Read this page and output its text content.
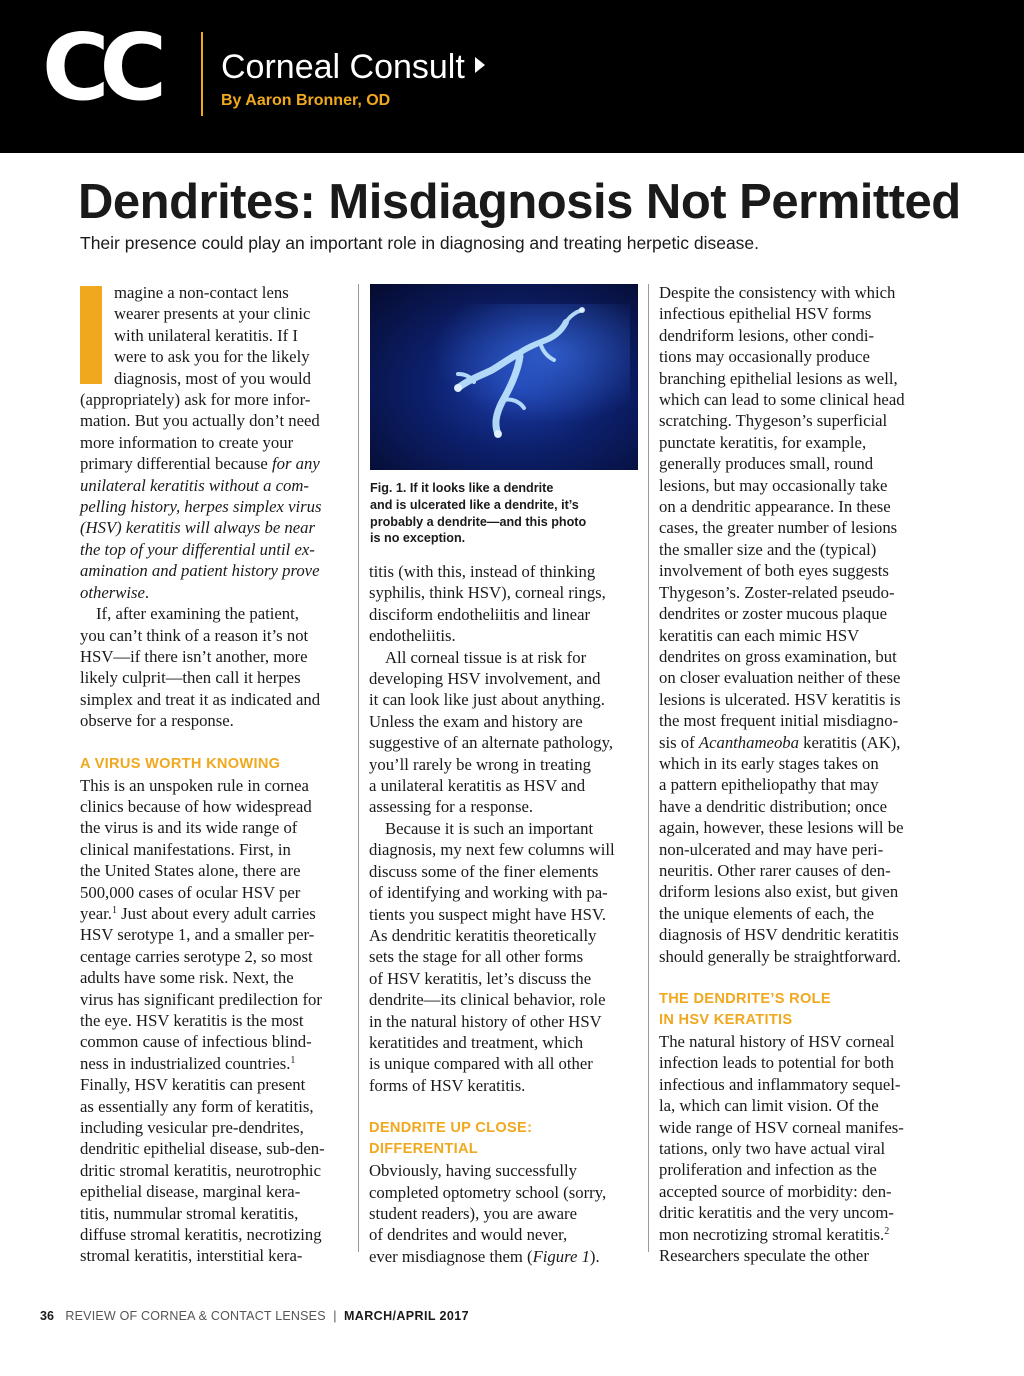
CC Corneal Consult
By Aaron Bronner, OD
Dendrites: Misdiagnosis Not Permitted
Their presence could play an important role in diagnosing and treating herpetic disease.
magine a non-contact lens
wearer presents at your clinic
with unilateral keratitis. If I
were to ask you for the likely
diagnosis, most of you would
(appropriately) ask for more infor-
mation. But you actually don’t need
more information to create your
primary differential because for any
unilateral keratitis without a com-
pelling history, herpes simplex virus
(HSV) keratitis will always be near
the top of your differential until ex-
amination and patient history prove
otherwise.
If, after examining the patient,
you can’t think of a reason it’s not
HSV—if there isn’t another, more
likely culprit—then call it herpes
simplex and treat it as indicated and
observe for a response.
A VIRUS WORTH KNOWING
This is an unspoken rule in cornea
clinics because of how widespread
the virus is and its wide range of
clinical manifestations. First, in
the United States alone, there are
500,000 cases of ocular HSV per
year.$^1$ Just about every adult carries
HSV serotype 1, and a smaller per-
centage carries serotype 2, so most
adults have some risk. Next, the
virus has significant predilection for
the eye. HSV keratitis is the most
common cause of infectious blind-
ness in industrialized countries.$^1$
Finally, HSV keratitis can present
as essentially any form of keratitis,
including vesicular pre-dendrites,
dendritic epithelial disease, sub-den-
dritic stromal keratitis, neurotrophic
epithelial disease, marginal kera-
titis, nummular stromal keratitis,
diffuse stromal keratitis, necrotizing
stromal keratitis, interstitial kera-
Fig. 1. If it looks like a dendrite
and is ulcerated like a dendrite, it’s
probably a dendrite—and this photo
is no exception.
titis (with this, instead of thinking
syphilis, think HSV), corneal rings,
disciform endotheliitis and linear
endotheliitis.
All corneal tissue is at risk for
developing HSV involvement, and
it can look like just about anything.
Unless the exam and history are
suggestive of an alternate pathology,
you’ll rarely be wrong in treating
a unilateral keratitis as HSV and
assessing for a response.
Because it is such an important
diagnosis, my next few columns will
discuss some of the finer elements
of identifying and working with pa-
tients you suspect might have HSV.
As dendritic keratitis theoretically
sets the stage for all other forms
of HSV keratitis, let’s discuss the
dendrite—its clinical behavior, role
in the natural history of other HSV
keratitides and treatment, which
is unique compared with all other
forms of HSV keratitis.
DENDRITE UP CLOSE:
DIFFERENTIAL
Obviously, having successfully
completed optometry school (sorry,
student readers), you are aware
of dendrites and would never,
ever misdiagnose them (Figure 1).
Despite the consistency with which
infectious epithelial HSV forms
dendriform lesions, other condi-
tions may occasionally produce
branching epithelial lesions as well,
which can lead to some clinical head
scratching. Thygeson’s superficial
punctate keratitis, for example,
generally produces small, round
lesions, but may occasionally take
on a dendritic appearance. In these
cases, the greater number of lesions
the smaller size and the (typical)
involvement of both eyes suggests
Thygeson’s. Zoster-related pseudo-
dendrites or zoster mucous plaque
keratitis can each mimic HSV
dendrites on gross examination, but
on closer evaluation neither of these
lesions is ulcerated. HSV keratitis is
the most frequent initial misdiagno-
sis of Acanthameoba keratitis (AK),
which in its early stages takes on
a pattern epitheliopathy that may
have a dendritic distribution; once
again, however, these lesions will be
non-ulcerated and may have peri-
neuritis. Other rarer causes of den-
driform lesions also exist, but given
the unique elements of each, the
diagnosis of HSV dendritic keratitis
should generally be straightforward.
THE DENDRITE’S ROLE
IN HSV KERATITIS
The natural history of HSV corneal
infection leads to potential for both
infectious and inflammatory sequel-
la, which can limit vision. Of the
wide range of HSV corneal manifes-
tations, only two have actual viral
proliferation and infection as the
accepted source of morbidity: den-
dritic keratitis and the very uncom-
mon necrotizing stromal keratitis.$^2$
Researchers speculate the other
36 REVIEW OF CORNEA & CONTACT LENSES | MARCH/APRIL 2017
